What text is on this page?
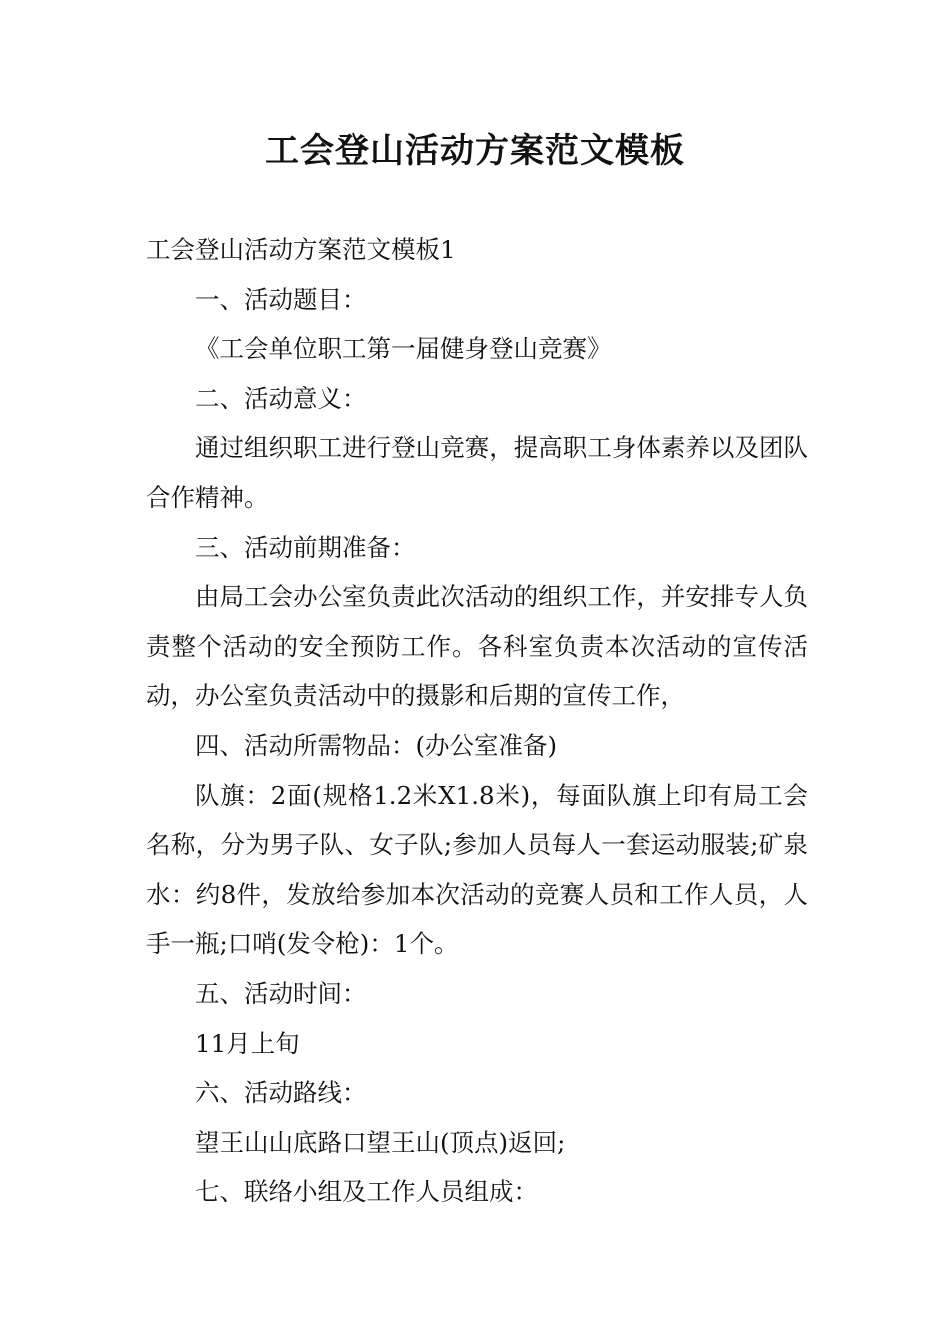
工会登山活动方案范文模板

工会登山活动方案范文模板1

一、活动题目：

《工会单位职工第一届健身登山竞赛》

二、活动意义：

通过组织职工进行登山竞赛，提高职工身体素养以及团队合作精神。

三、活动前期准备：

由局工会办公室负责此次活动的组织工作，并安排专人负责整个活动的安全预防工作。各科室负责本次活动的宣传活动，办公室负责活动中的摄影和后期的宣传工作，

四、活动所需物品：(办公室准备)

队旗：2面(规格1.2米X1.8米)，每面队旗上印有局工会名称，分为男子队、女子队;参加人员每人一套运动服装;矿泉水：约8件，发放给参加本次活动的竞赛人员和工作人员，人手一瓶;口哨(发令枪)：1个。

五、活动时间：

11月上旬

六、活动路线：

望王山山底路口望王山(顶点)返回;

七、联络小组及工作人员组成：
